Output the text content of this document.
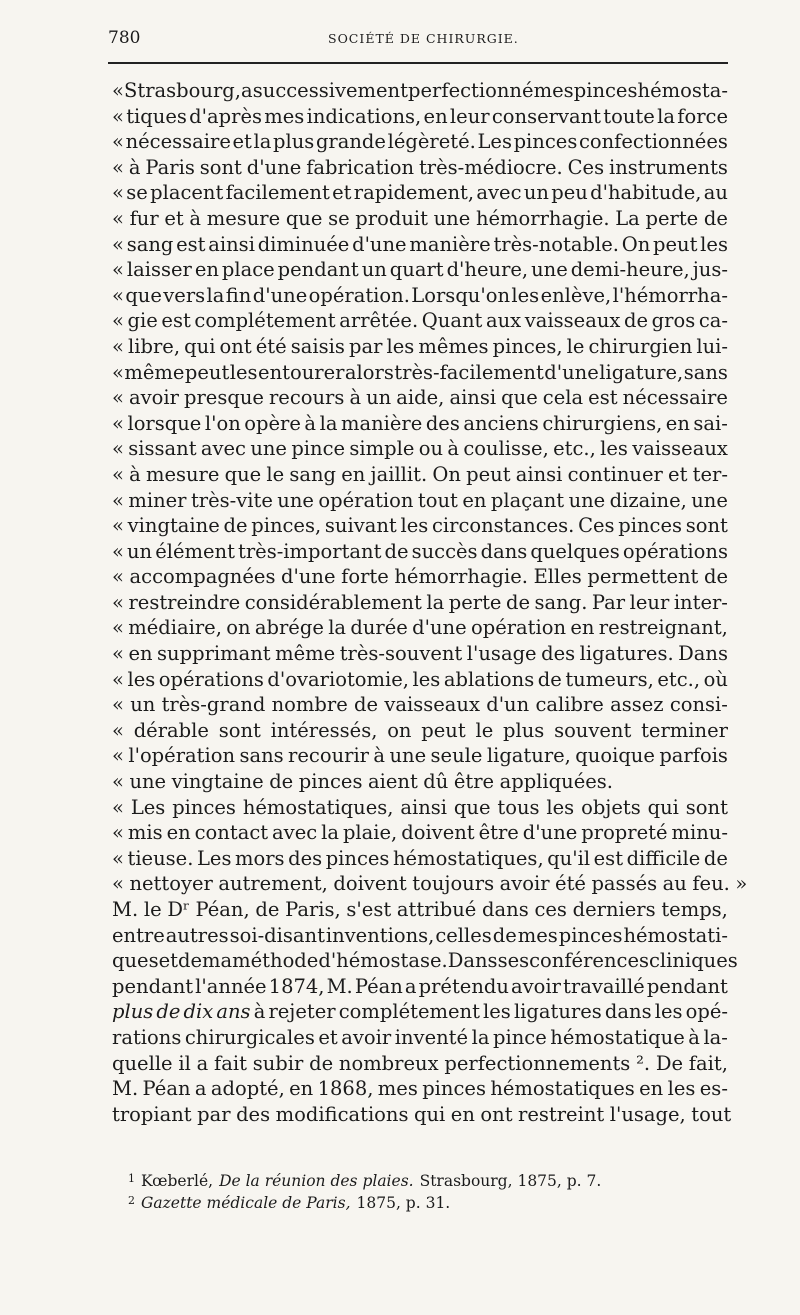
780	SOCIÉTÉ DE CHIRURGIE.
« Strasbourg, a successivement perfectionné mes pinces hémosta-
« tiques d'après mes indications, en leur conservant toute la force
« nécessaire et la plus grande légèreté. Les pinces confectionnées
« à Paris sont d'une fabrication très-médiocre. Ces instruments
« se placent facilement et rapidement, avec un peu d'habitude, au
« fur et à mesure que se produit une hémorrhagie. La perte de
« sang est ainsi diminuée d'une manière très-notable. On peut les
« laisser en place pendant un quart d'heure, une demi-heure, jus-
« que vers la fin d'une opération. Lorsqu'on les enlève, l'hémorrha-
« gie est complétement arrêtée. Quant aux vaisseaux de gros ca-
« libre, qui ont été saisis par les mêmes pinces, le chirurgien lui-
« même peut les entourer alors très-facilement d'une ligature, sans
« avoir presque recours à un aide, ainsi que cela est nécessaire
« lorsque l'on opère à la manière des anciens chirurgiens, en sai-
« sissant avec une pince simple ou à coulisse, etc., les vaisseaux
« à mesure que le sang en jaillit. On peut ainsi continuer et ter-
« miner très-vite une opération tout en plaçant une dizaine, une
« vingtaine de pinces, suivant les circonstances. Ces pinces sont
« un élément très-important de succès dans quelques opérations
« accompagnées d'une forte hémorrhagie. Elles permettent de
« restreindre considérablement la perte de sang. Par leur inter-
« médiaire, on abrége la durée d'une opération en restreignant,
« en supprimant même très-souvent l'usage des ligatures. Dans
« les opérations d'ovariotomie, les ablations de tumeurs, etc., où
« un très-grand nombre de vaisseaux d'un calibre assez consi-
« dérable sont intéressés, on peut le plus souvent terminer
« l'opération sans recourir à une seule ligature, quoique parfois
« une vingtaine de pinces aient dû être appliquées.
« Les pinces hémostatiques, ainsi que tous les objets qui sont
« mis en contact avec la plaie, doivent être d'une propreté minu-
« tieuse. Les mors des pinces hémostatiques, qu'il est difficile de
« nettoyer autrement, doivent toujours avoir été passés au feu. »
M. le Dʳ Péan, de Paris, s'est attribué dans ces derniers temps,
entre autres soi-disant inventions, celles de mes pinces hémostati-
ques et de ma méthode d'hémostase. Dans ses conférences cliniques
pendant l'année 1874, M. Péan a prétendu avoir travaillé pendant
plus de dix ans à rejeter complétement les ligatures dans les opé-
rations chirurgicales et avoir inventé la pince hémostatique à la-
quelle il a fait subir de nombreux perfectionnements ². De fait,
M. Péan a adopté, en 1868, mes pinces hémostatiques en les es-
tropiant par des modifications qui en ont restreint l'usage, tout
1 Kœberlé, De la réunion des plaies. Strasbourg, 1875, p. 7.
2 Gazette médicale de Paris, 1875, p. 31.
